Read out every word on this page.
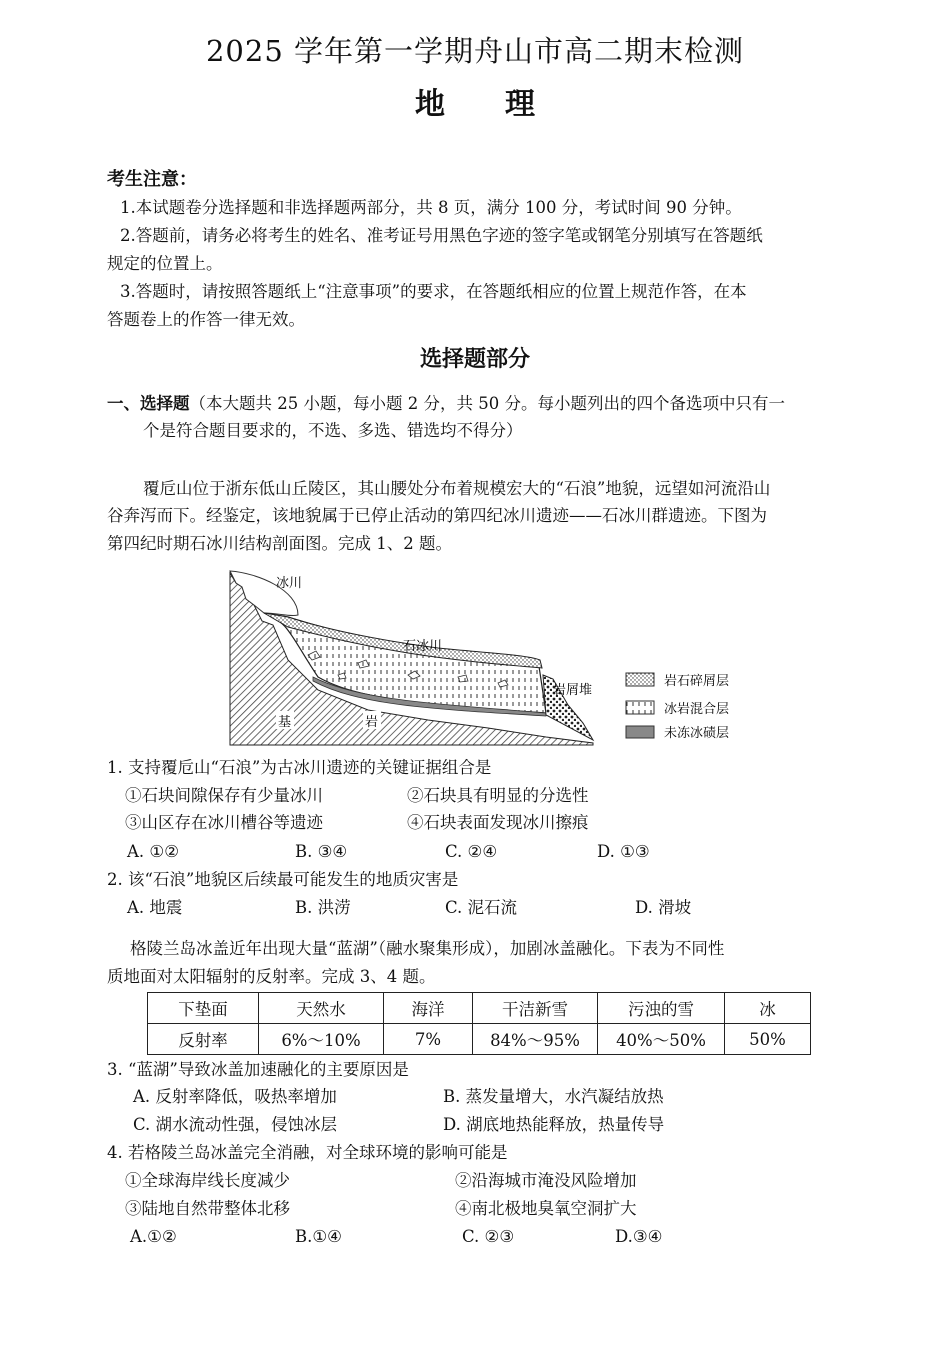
2025 学年第一学期舟山市高二期末检测
地　　理
考生注意：
1.本试题卷分选择题和非选择题两部分，共 8 页，满分 100 分，考试时间 90 分钟。
2.答题前，请务必将考生的姓名、准考证号用黑色字迹的签字笔或钢笔分别填写在答题纸
规定的位置上。
3.答题时，请按照答题纸上“注意事项”的要求，在答题纸相应的位置上规范作答，在本
答题卷上的作答一律无效。
选择题部分
一、选择题（本大题共 25 小题，每小题 2 分，共 50 分。每小题列出的四个备选项中只有一
个是符合题目要求的，不选、多选、错选均不得分）
覆卮山位于浙东低山丘陵区，其山腰处分布着规模宏大的“石浪”地貌，远望如河流沿山
谷奔泻而下。经鉴定，该地貌属于已停止活动的第四纪冰川遗迹——石冰川群遗迹。下图为
第四纪时期石冰川结构剖面图。完成 1、2 题。
冰川
石冰川
岩屑堆
基	岩
岩石碎屑层
冰岩混合层
未冻冰碛层
1. 支持覆卮山“石浪”为古冰川遗迹的关键证据组合是
①石块间隙保存有少量冰川	②石块具有明显的分选性
③山区存在冰川槽谷等遗迹	④石块表面发现冰川擦痕
A. ①②	B. ③④	C. ②④	D. ①③
2. 该“石浪”地貌区后续最可能发生的地质灾害是
A. 地震	B. 洪涝	C. 泥石流	D. 滑坡
格陵兰岛冰盖近年出现大量“蓝湖”（融水聚集形成），加剧冰盖融化。下表为不同性
质地面对太阳辐射的反射率。完成 3、4 题。
下垫面	天然水	海洋	干洁新雪	污浊的雪	冰
反射率	6%～10%	7%	84%～95%	40%～50%	50%
3. “蓝湖”导致冰盖加速融化的主要原因是
A. 反射率降低，吸热率增加	B. 蒸发量增大，水汽凝结放热
C. 湖水流动性强，侵蚀冰层	D. 湖底地热能释放，热量传导
4. 若格陵兰岛冰盖完全消融，对全球环境的影响可能是
①全球海岸线长度减少	②沿海城市淹没风险增加
③陆地自然带整体北移	④南北极地臭氧空洞扩大
A.①②	B.①④	C. ②③	D.③④
